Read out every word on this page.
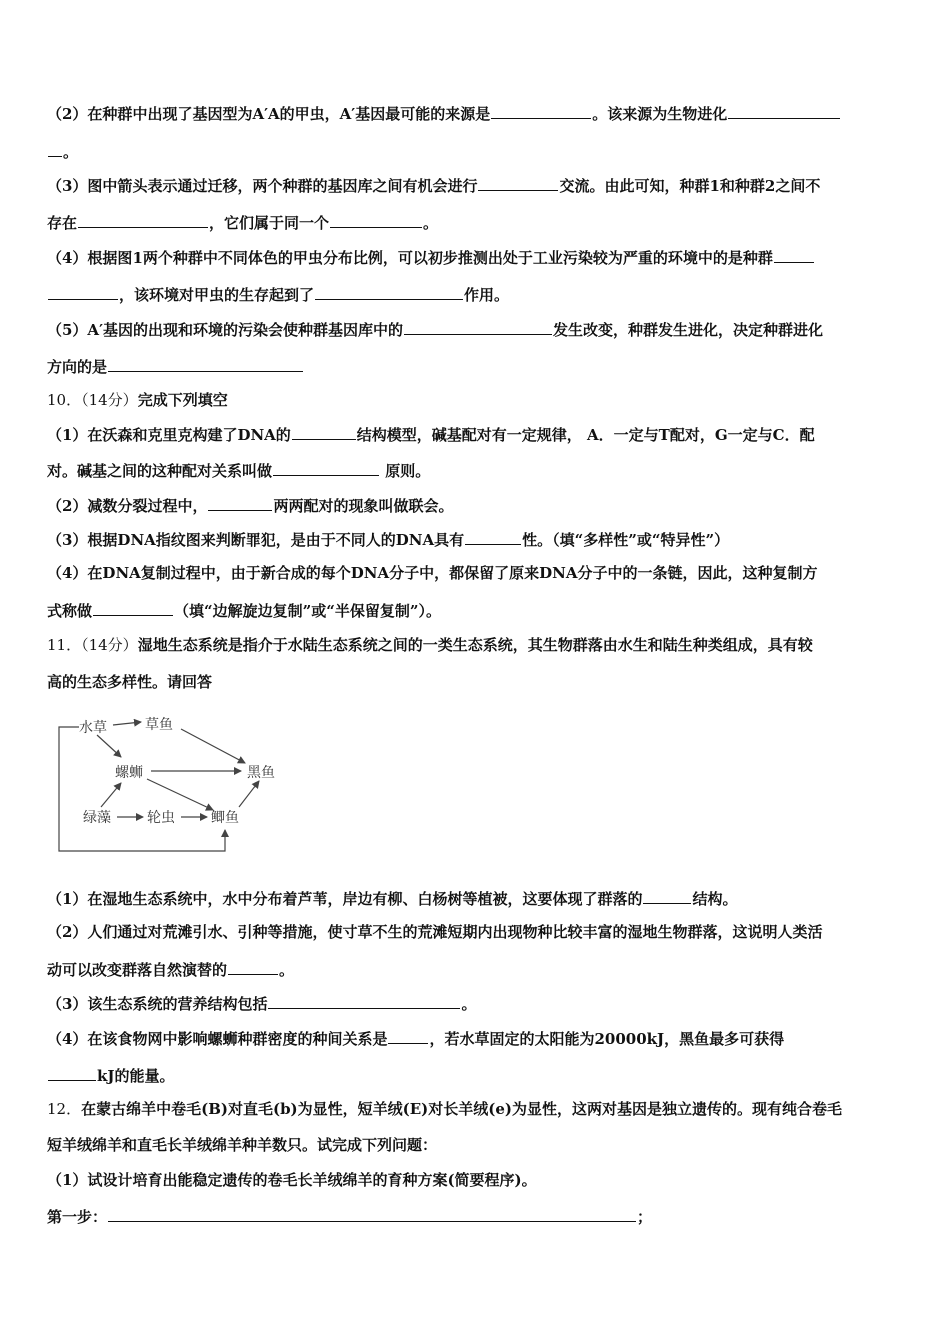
（2）在种群中出现了基因型为A′A的甲虫，A′基因最可能的来源是	。该来源为生物进化
。
（3）图中箭头表示通过迁移，两个种群的基因库之间有机会进行	交流。由此可知，种群1和种群2之间不
存在	，它们属于同一个	。
（4）根据图1两个种群中不同体色的甲虫分布比例，可以初步推测出处于工业污染较为严重的环境中的是种群
，该环境对甲虫的生存起到了	作用。
（5）A′基因的出现和环境的污染会使种群基因库中的	发生改变，种群发生进化，决定种群进化
方向的是
10．（14分）完成下列填空
（1）在沃森和克里克构建了DNA的	结构模型，碱基配对有一定规律， A．一定与T配对，G一定与C．配
对。碱基之间的这种配对关系叫做	原则。
（2）减数分裂过程中，	两两配对的现象叫做联会。
（3）根据DNA指纹图来判断罪犯，是由于不同人的DNA具有	性。（填“多样性”或“特异性”）
（4）在DNA复制过程中，由于新合成的每个DNA分子中，都保留了原来DNA分子中的一条链，因此，这种复制方
式称做	（填“边解旋边复制”或“半保留复制”）。
11．（14分）湿地生态系统是指介于水陆生态系统之间的一类生态系统，其生物群落由水生和陆生种类组成，具有较
高的生态多样性。请回答
水草	草鱼
螺蛳	黑鱼
绿藻	轮虫	鲫鱼
（1）在湿地生态系统中，水中分布着芦苇，岸边有柳、白杨树等植被，这要体现了群落的	结构。
（2）人们通过对荒滩引水、引种等措施，使寸草不生的荒滩短期内出现物种比较丰富的湿地生物群落，这说明人类活
动可以改变群落自然演替的	。
（3）该生态系统的营养结构包括	。
（4）在该食物网中影响螺蛳种群密度的种间关系是	，若水草固定的太阳能为20000kJ，黑鱼最多可获得
kJ的能量。
12．在蒙古绵羊中卷毛(B)对直毛(b)为显性，短羊绒(E)对长羊绒(e)为显性，这两对基因是独立遗传的。现有纯合卷毛
短羊绒绵羊和直毛长羊绒绵羊种羊数只。试完成下列问题：
（1）试设计培育出能稳定遗传的卷毛长羊绒绵羊的育种方案(简要程序)。
第一步：	；
